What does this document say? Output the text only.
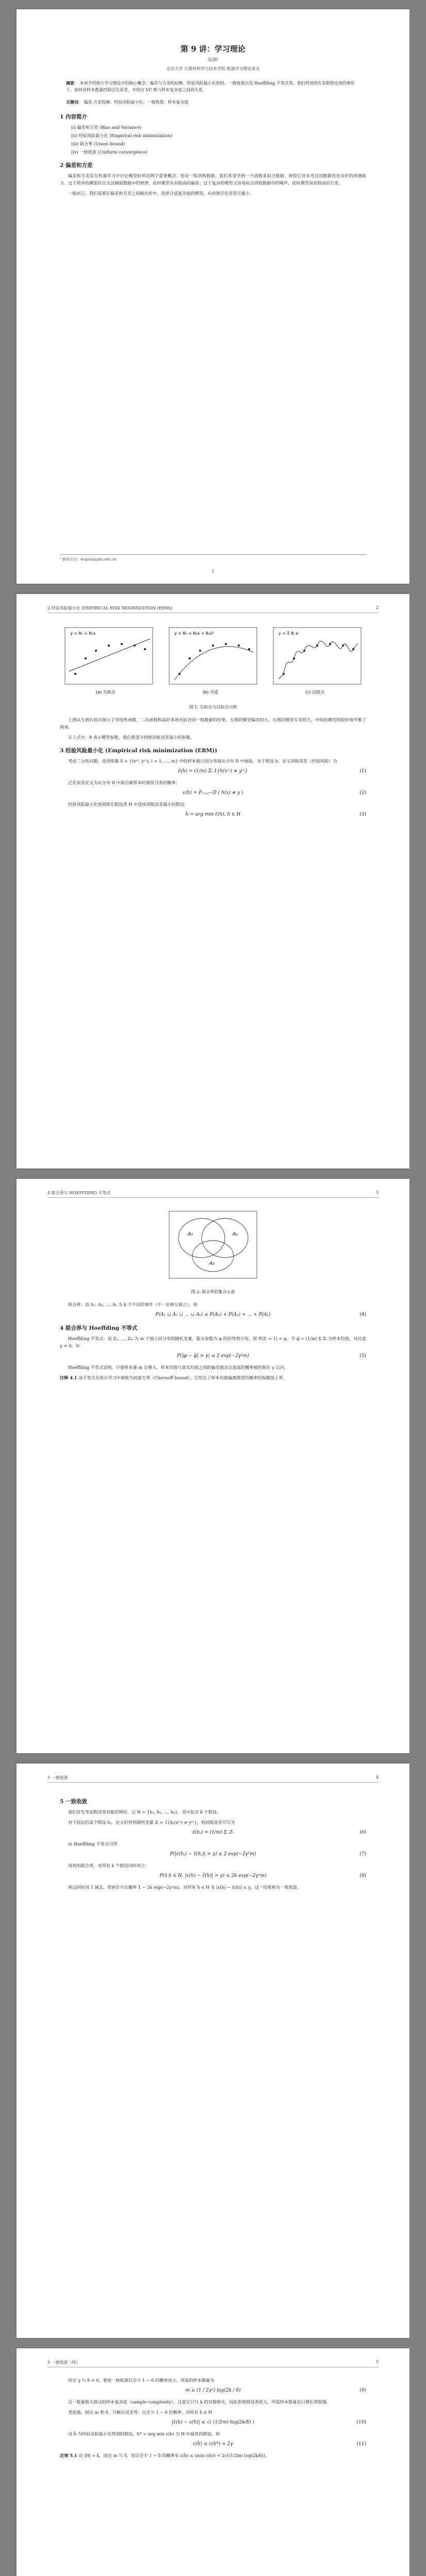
第 9 讲：学习理论
吴剑¹
北京大学 计算机科学与技术学院 机器学习理论讲义
摘要： 本讲介绍统计学习理论中的核心概念：偏差与方差的权衡、经验风险最小化原则、一致收敛以及 Hoeffding 不等式等。我们将说明在有限假设类的情形下，如何用样本数量控制泛化误差，并给出 VC 维与样本复杂度之间的关系。
关键词： 偏差-方差权衡；经验风险最小化；一致收敛；样本复杂度
1 内容简介
(i) 偏差和方差 (Bias and Variance)
(ii) 经验风险最小化 (Empirical risk minimization)
(iii) 联合界 (Union bound)
(iv) 一致收敛 (Uniform convergence)
2 偏差和方差

偏差和方差是在机器学习中讨论模型好坏的两个重要概念。给定一组训练数据，我们希望学到一个函数来拟合数据，使得它对未见过的数据也有良好的预测能力。过于简单的模型往往无法捕捉数据中的规律，此时模型具有较高的偏差；过于复杂的模型又容易拟合训练数据中的噪声，此时模型具有较高的方差。

一般而言，我们需要在偏差和方差之间做出折中，选择合适复杂度的模型，从而使泛化误差尽量小。

¹ 联系方式：wujian@pku.edu.cn
1
2 经验风险最小化 (EMPIRICAL RISK MINIMIZATION (ERM))	2
y = θ₀ + θ₁x
(a) 欠拟合
y = θ₀ + θ₁x + θ₂x²
(b) 合适
y = Σ θⱼ xʲ
(c) 过拟合
图 1: 欠拟合与过拟合示例

上图从左到右依次展示了用线性函数、二次函数和高阶多项式拟合同一组数据的结果。左图的模型偏差较大，右图的模型方差较大，中间的模型则较好地平衡了两者。

在上式中，θ 表示模型参数，我们希望寻找使训练误差最小的参数。

3 经验风险最小化 (Empirical risk minimization (ERM))

考虑二分类问题，设训练集 S = {(x⁽ⁱ⁾, y⁽ⁱ⁾); i = 1, …, m} 中的样本独立同分布地从分布 D 中抽取。对于假设 h，定义训练误差（经验风险）为

ε̂(h) = (1/m) Σᵢ 1{h(x⁽ⁱ⁾) ≠ y⁽ⁱ⁾}	(1)

泛化误差定义为从分布 D 中取出新样本时被误分类的概率：

ε(h) = P₍ₓ,ᵧ₎∼D ( h(x) ≠ y )	(2)

经验风险最小化原则即在假设类 H 中选择训练误差最小的假设：

ĥ = arg min ε̂(h), h ∈ H	(3)
4 联合界与 HOEFFDING 不等式	3
A₁	A₂
A₃
图 2: 联合界的集合示意

联合界：设 A₁, A₂, …, Aₖ 为 k 个不同的事件（不一定相互独立），则

P(A₁ ∪ A₂ ∪ … ∪ Aₖ) ≤ P(A₁) + P(A₂) + … + P(Aₖ)	(4)
4 联合界与 Hoeffding 不等式

Hoeffding 不等式：设 Z₁, …, Zₘ 为 m 个独立同分布的随机变量，服从参数为 φ 的伯努利分布，即 P(Zᵢ = 1) = φ。令 φ̂ = (1/m) Σ Zᵢ 为样本均值，对任意 γ > 0，有

P(|φ − φ̂| > γ) ≤ 2 exp(−2γ²m)	(5)

Hoeffding 不等式说明，只要样本量 m 足够大，样本均值与真实均值之间的偏差就会以很高的概率被控制在 γ 以内。

注释 4.1 该不等式在统计学习中被称为切诺夫界（Chernoff bound），它给出了样本均值偏离期望的概率的指数级上界。
5 一致收敛	4
5 一致收敛

我们首先考虑假设类有限的情形，记 H = {h₁, h₂, …, hₖ}，其中包含 k 个假设。

对于固定的某个假设 hⱼ，定义伯努利随机变量 Zᵢ = 1{hⱼ(x⁽ⁱ⁾) ≠ y⁽ⁱ⁾}，则训练误差可写为

ε̂(hⱼ) = (1/m) Σᵢ Zᵢ	(6)

由 Hoeffding 不等式可得

P(|ε(hⱼ) − ε̂(hⱼ)| > γ) ≤ 2 exp(−2γ²m)	(7)

再利用联合界，对所有 k 个假设同时成立：

P(∃ h ∈ H. |ε(h) − ε̂(h)| > γ) ≤ 2k exp(−2γ²m)	(8)

两边同时用 1 减去，得到至少以概率 1 − 2k exp(−2γ²m)，对所有 h ∈ H 有 |ε(h) − ε̂(h)| ≤ γ。这一结果称为一致收敛。

5 一致收敛（续）	5

给定 γ 与 δ > 0，要使一致收敛以至少 1 − δ 的概率成立，所需的样本数量为

m ≥ (1 / 2γ²) log(2k / δ)	(9)

这一数量称为算法的样本复杂度（sample complexity）。注意它只与 k 的对数相关，因此即使假设类很大，所需样本数量也只增长得很慢。

类似地，固定 m 和 δ，可解出误差界：以至少 1 − δ 的概率，对所有 h ∈ H

|ε̂(h) − ε(h)| ≤ √( (1/2m) log(2k/δ) )	(10)

设 ĥ 为经验风险最小化得到的假设，h* = arg min ε(h) 为 H 中最优的假设，则

ε(ĥ) ≤ ε(h*) + 2γ	(11)
定理 5.1 设 |H| = k，固定 m 与 δ，则以至少 1 − δ 的概率有 ε(ĥ) ≤ (min ε(h)) + 2√((1/2m) log(2k/δ))。
